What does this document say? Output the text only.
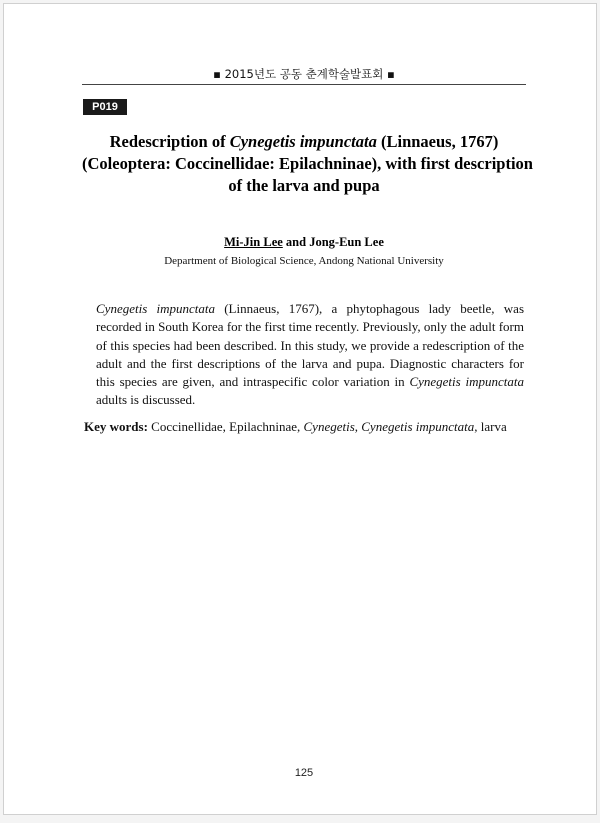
▪ 2015년도 공동 춘계학술발표회 ▪
P019
Redescription of Cynegetis impunctata (Linnaeus, 1767)
(Coleoptera: Coccinellidae: Epilachninae), with first description
of the larva and pupa
Mi-Jin Lee and Jong-Eun Lee
Department of Biological Science, Andong National University

Cynegetis impunctata (Linnaeus, 1767), a phytophagous lady beetle, was recorded in South Korea for the first time recently. Previously, only the adult form of this species had been described. In this study, we provide a redescription of the adult and the first descriptions of the larva and pupa. Diagnostic characters for this species are given, and intraspecific color variation in Cynegetis impunctata adults is discussed.

Key words: Coccinellidae, Epilachninae, Cynegetis, Cynegetis impunctata, larva
125
